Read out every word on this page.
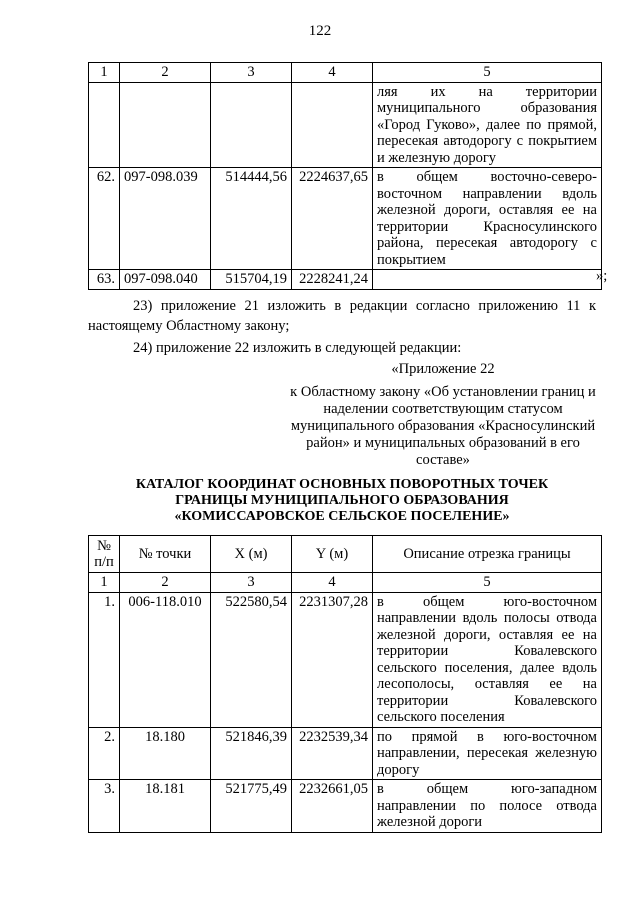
122
1	2	3	4	5
				ляя их на территории муниципального образования «Город Гуково», далее по прямой, пересекая автодорогу с покрытием и железную дорогу
62.	097-098.039	514444,56	2224637,65	в общем восточно-северо-восточном направлении вдоль железной дороги, оставляя ее на территории Красносулинского района, пересекая автодорогу с покрытием
63.	097-098.040	515704,19	2228241,24		»;
23) приложение 21 изложить в редакции согласно приложению 11 к настоящему Областному закону;
24) приложение 22 изложить в следующей редакции:
«Приложение 22
к Областному закону «Об установлении границ и наделении соответствующим статусом муниципального образования «Красносулинский район» и муниципальных образований в его составе»
КАТАЛОГ КООРДИНАТ ОСНОВНЫХ ПОВОРОТНЫХ ТОЧЕК
ГРАНИЦЫ МУНИЦИПАЛЬНОГО ОБРАЗОВАНИЯ
«КОМИССАРОВСКОЕ СЕЛЬСКОЕ ПОСЕЛЕНИЕ»
№ п/п	№ точки	X (м)	Y (м)	Описание отрезка границы
1	2	3	4	5
1.	006-118.010	522580,54	2231307,28	в общем юго-восточном направлении вдоль полосы отвода железной дороги, оставляя ее на территории Ковалевского сельского поселения, далее вдоль лесополосы, оставляя ее на территории Ковалевского сельского поселения
2.	18.180	521846,39	2232539,34	по прямой в юго-восточном направлении, пересекая железную дорогу
3.	18.181	521775,49	2232661,05	в общем юго-западном направлении по полосе отвода железной дороги
